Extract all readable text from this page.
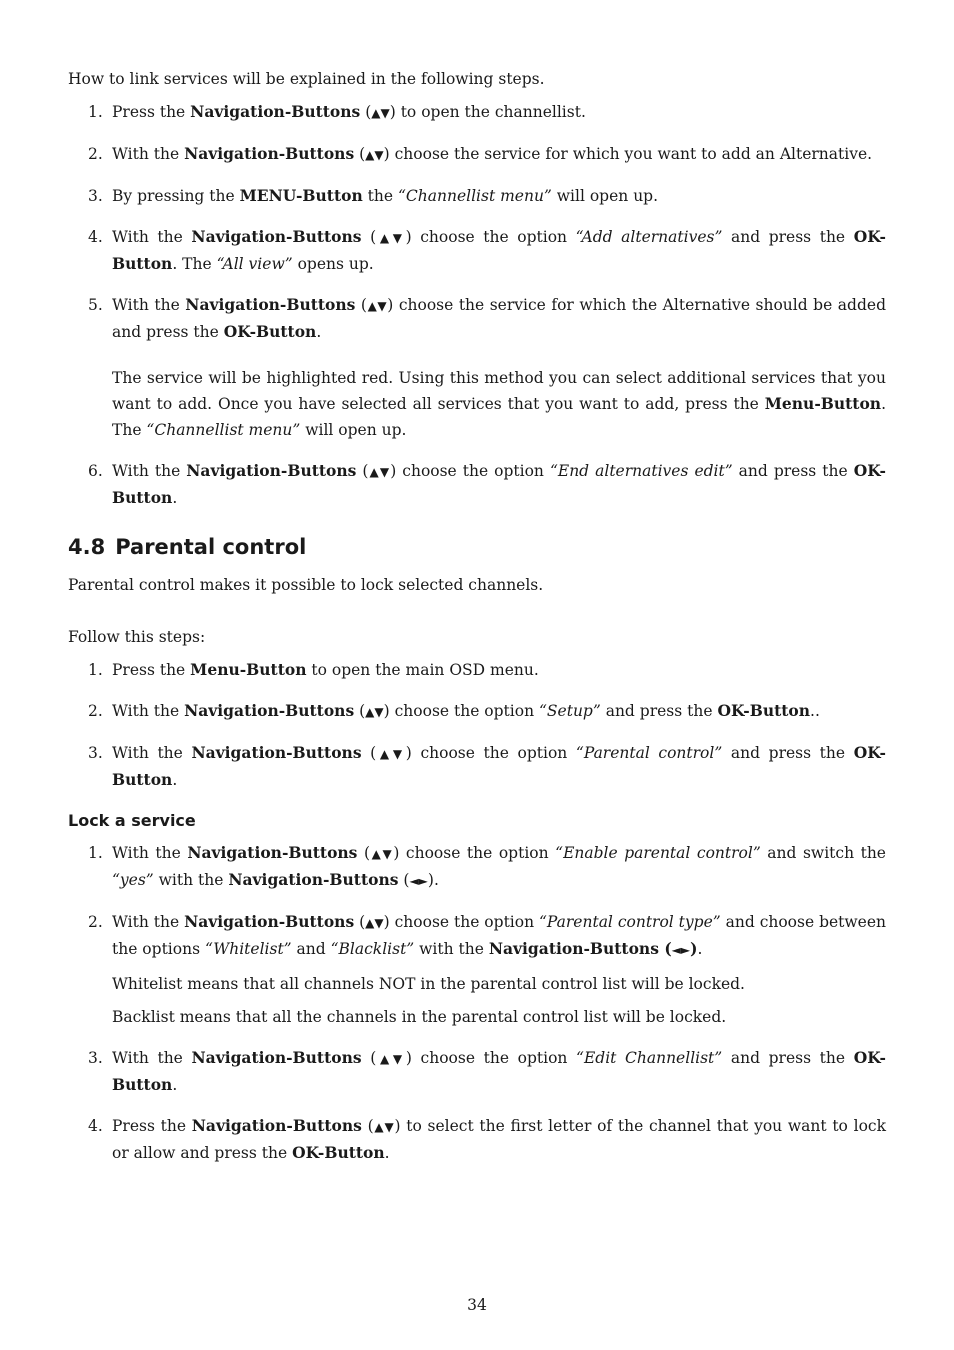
How to link services will be explained in the following steps.

1. Press the Navigation-Buttons (▲▼) to open the channellist.
2. With the Navigation-Buttons (▲▼) choose the service for which you want to add an Alternative.
3. By pressing the MENU-Button the “Channellist menu” will open up.
4. With the Navigation-Buttons (▲▼) choose the option “Add alternatives” and press the OK-Button. The “All view” opens up.
5. With the Navigation-Buttons (▲▼) choose the service for which the Alternative should be added and press the OK-Button.

The service will be highlighted red. Using this method you can select additional services that you want to add. Once you have selected all services that you want to add, press the Menu-Button. The “Channellist menu” will open up.

6. With the Navigation-Buttons (▲▼) choose the option “End alternatives edit” and press the OK-Button.
4.8 Parental control

Parental control makes it possible to lock selected channels.

Follow this steps:

1. Press the Menu-Button to open the main OSD menu.
2. With the Navigation-Buttons (▲▼) choose the option “Setup” and press the OK-Button..
3. With the Navigation-Buttons (▲▼) choose the option “Parental control” and press the OK-Button.
Lock a service
1. With the Navigation-Buttons (▲▼) choose the option “Enable parental control” and switch the “yes” with the Navigation-Buttons (◄►).
2. With the Navigation-Buttons (▲▼) choose the option “Parental control type” and choose between the options “Whitelist” and “Blacklist” with the Navigation-Buttons (◄►).

Whitelist means that all channels NOT in the parental control list will be locked.

Backlist means that all the channels in the parental control list will be locked.

3. With the Navigation-Buttons (▲▼) choose the option “Edit Channellist” and press the OK-Button.
4. Press the Navigation-Buttons (▲▼) to select the first letter of the channel that you want to lock or allow and press the OK-Button.
34
